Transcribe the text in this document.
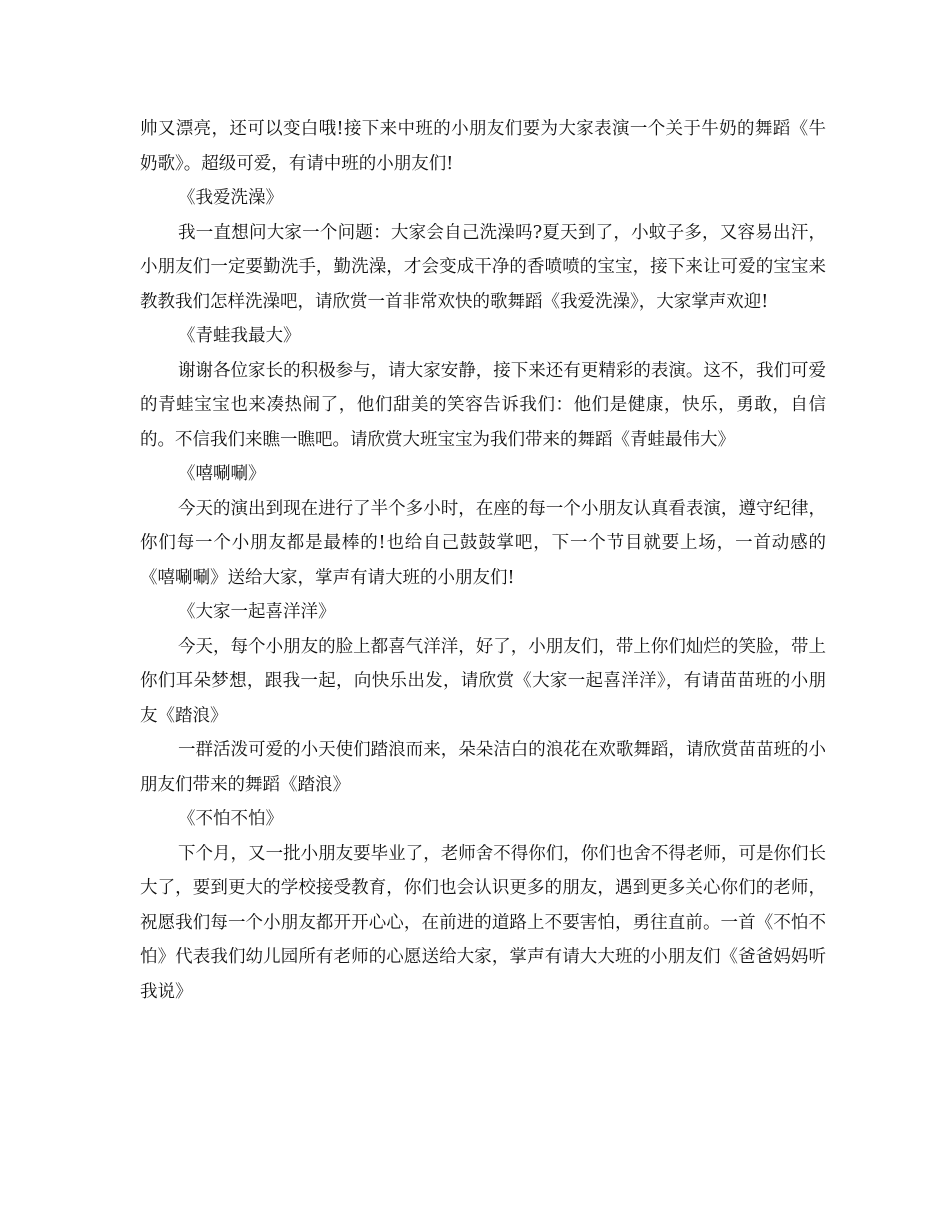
帅又漂亮，还可以变白哦!接下来中班的小朋友们要为大家表演一个关于牛奶的舞蹈《牛奶歌》。超级可爱，有请中班的小朋友们!

《我爱洗澡》

我一直想问大家一个问题：大家会自己洗澡吗?夏天到了，小蚊子多，又容易出汗，小朋友们一定要勤洗手，勤洗澡，才会变成干净的香喷喷的宝宝，接下来让可爱的宝宝来教教我们怎样洗澡吧，请欣赏一首非常欢快的歌舞蹈《我爱洗澡》，大家掌声欢迎!

《青蛙我最大》

谢谢各位家长的积极参与，请大家安静，接下来还有更精彩的表演。这不，我们可爱的青蛙宝宝也来凑热闹了，他们甜美的笑容告诉我们：他们是健康，快乐，勇敢，自信的。不信我们来瞧一瞧吧。请欣赏大班宝宝为我们带来的舞蹈《青蛙最伟大》

《嘻唰唰》

今天的演出到现在进行了半个多小时，在座的每一个小朋友认真看表演，遵守纪律，你们每一个小朋友都是最棒的!也给自己鼓鼓掌吧，下一个节目就要上场，一首动感的《嘻唰唰》送给大家，掌声有请大班的小朋友们!

《大家一起喜洋洋》

今天，每个小朋友的脸上都喜气洋洋，好了，小朋友们，带上你们灿烂的笑脸，带上你们耳朵梦想，跟我一起，向快乐出发，请欣赏《大家一起喜洋洋》，有请苗苗班的小朋友《踏浪》

一群活泼可爱的小天使们踏浪而来，朵朵洁白的浪花在欢歌舞蹈，请欣赏苗苗班的小朋友们带来的舞蹈《踏浪》

《不怕不怕》

下个月，又一批小朋友要毕业了，老师舍不得你们，你们也舍不得老师，可是你们长大了，要到更大的学校接受教育，你们也会认识更多的朋友，遇到更多关心你们的老师，祝愿我们每一个小朋友都开开心心，在前进的道路上不要害怕，勇往直前。一首《不怕不怕》代表我们幼儿园所有老师的心愿送给大家，掌声有请大大班的小朋友们《爸爸妈妈听我说》
